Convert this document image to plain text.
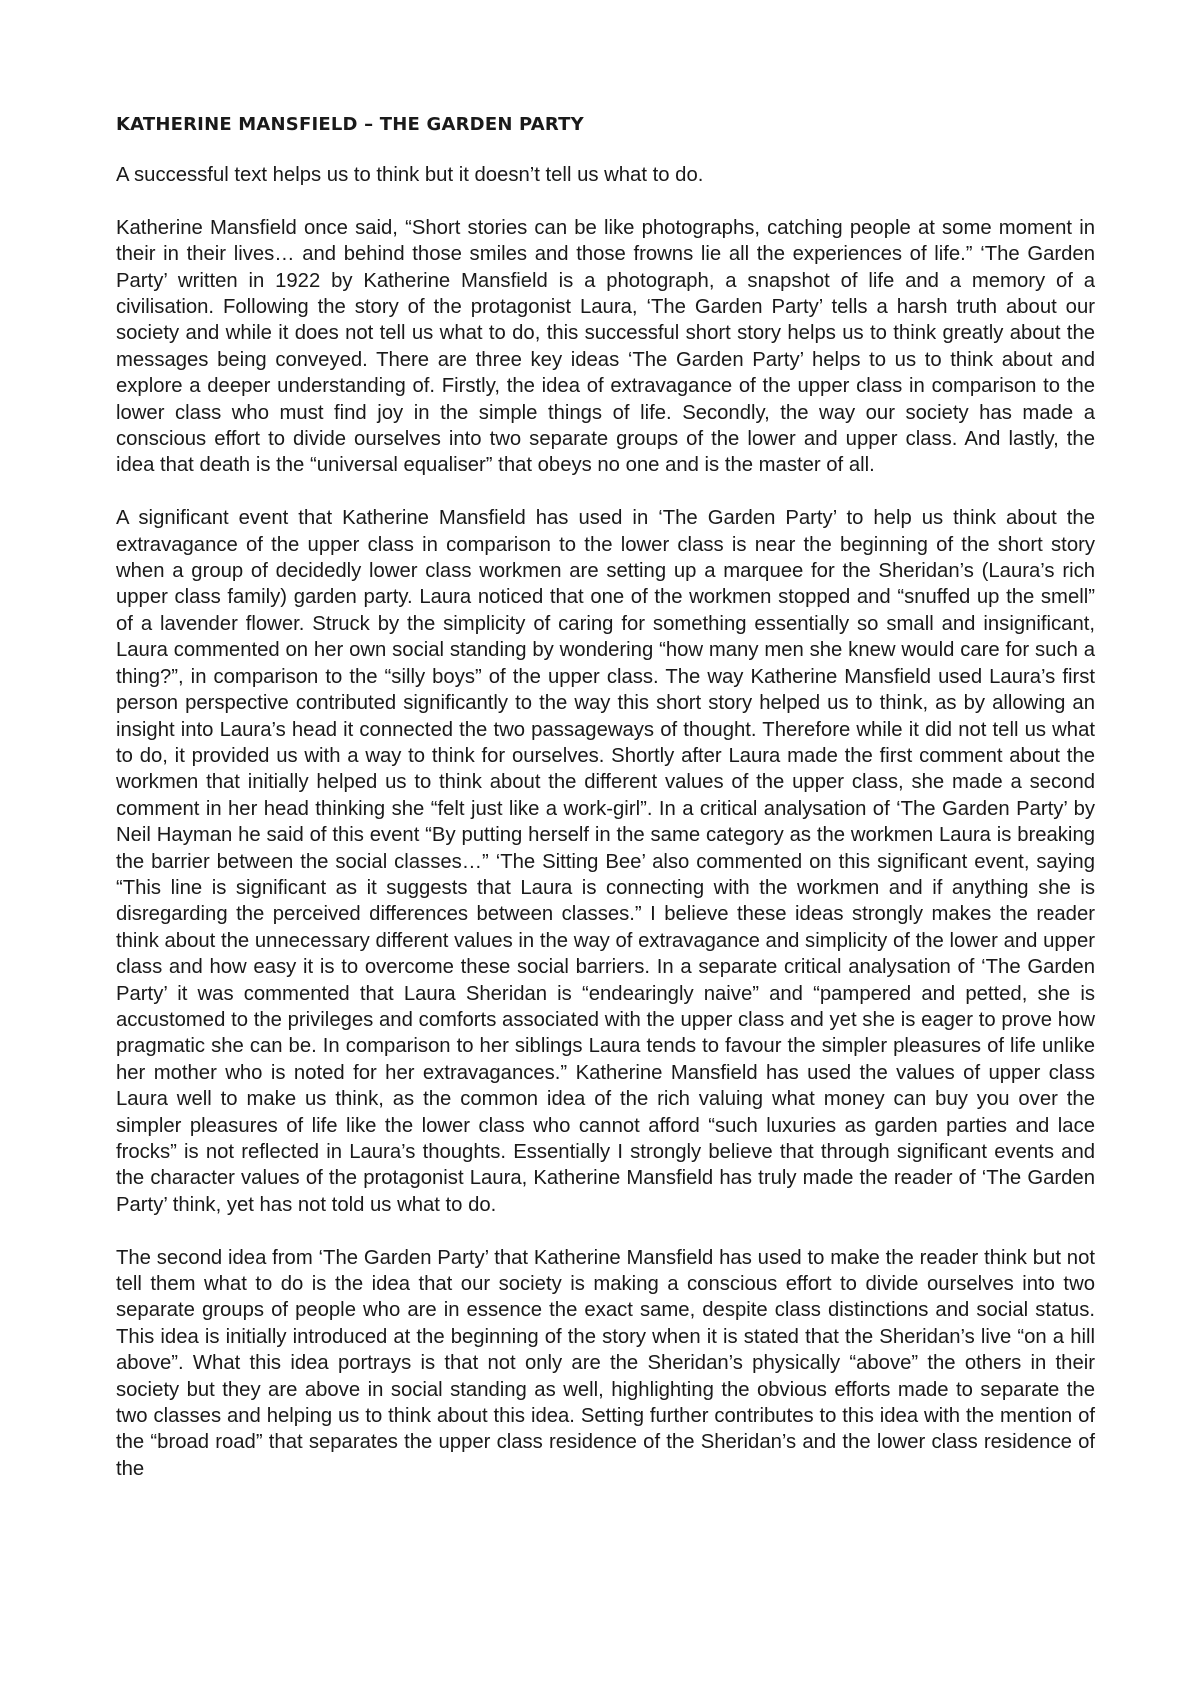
KATHERINE MANSFIELD – THE GARDEN PARTY

A successful text helps us to think but it doesn’t tell us what to do.

Katherine Mansfield once said, “Short stories can be like photographs, catching people at some moment in their in their lives… and behind those smiles and those frowns lie all the experiences of life.” ‘The Garden Party’ written in 1922 by Katherine Mansfield is a photograph, a snapshot of life and a memory of a civilisation. Following the story of the protagonist Laura, ‘The Garden Party’ tells a harsh truth about our society and while it does not tell us what to do, this successful short story helps us to think greatly about the messages being conveyed. There are three key ideas ‘The Garden Party’ helps to us to think about and explore a deeper understanding of. Firstly, the idea of extravagance of the upper class in comparison to the lower class who must find joy in the simple things of life. Secondly, the way our society has made a conscious effort to divide ourselves into two separate groups of the lower and upper class. And lastly, the idea that death is the “universal equaliser” that obeys no one and is the master of all.

A significant event that Katherine Mansfield has used in ‘The Garden Party’ to help us think about the extravagance of the upper class in comparison to the lower class is near the beginning of the short story when a group of decidedly lower class workmen are setting up a marquee for the Sheridan’s (Laura’s rich upper class family) garden party. Laura noticed that one of the workmen stopped and “snuffed up the smell” of a lavender flower. Struck by the simplicity of caring for something essentially so small and insignificant, Laura commented on her own social standing by wondering “how many men she knew would care for such a thing?”, in comparison to the “silly boys” of the upper class. The way Katherine Mansfield used Laura’s first person perspective contributed significantly to the way this short story helped us to think, as by allowing an insight into Laura’s head it connected the two passageways of thought. Therefore while it did not tell us what to do, it provided us with a way to think for ourselves. Shortly after Laura made the first comment about the workmen that initially helped us to think about the different values of the upper class, she made a second comment in her head thinking she “felt just like a work-girl”. In a critical analysation of ‘The Garden Party’ by Neil Hayman he said of this event “By putting herself in the same category as the workmen Laura is breaking the barrier between the social classes…” ‘The Sitting Bee’ also commented on this significant event, saying “This line is significant as it suggests that Laura is connecting with the workmen and if anything she is disregarding the perceived differences between classes.” I believe these ideas strongly makes the reader think about the unnecessary different values in the way of extravagance and simplicity of the lower and upper class and how easy it is to overcome these social barriers. In a separate critical analysation of ‘The Garden Party’ it was commented that Laura Sheridan is “endearingly naive” and “pampered and petted, she is accustomed to the privileges and comforts associated with the upper class and yet she is eager to prove how pragmatic she can be. In comparison to her siblings Laura tends to favour the simpler pleasures of life unlike her mother who is noted for her extravagances.” Katherine Mansfield has used the values of upper class Laura well to make us think, as the common idea of the rich valuing what money can buy you over the simpler pleasures of life like the lower class who cannot afford “such luxuries as garden parties and lace frocks” is not reflected in Laura’s thoughts. Essentially I strongly believe that through significant events and the character values of the protagonist Laura, Katherine Mansfield has truly made the reader of ‘The Garden Party’ think, yet has not told us what to do.

The second idea from ‘The Garden Party’ that Katherine Mansfield has used to make the reader think but not tell them what to do is the idea that our society is making a conscious effort to divide ourselves into two separate groups of people who are in essence the exact same, despite class distinctions and social status. This idea is initially introduced at the beginning of the story when it is stated that the Sheridan’s live “on a hill above”. What this idea portrays is that not only are the Sheridan’s physically “above” the others in their society but they are above in social standing as well, highlighting the obvious efforts made to separate the two classes and helping us to think about this idea. Setting further contributes to this idea with the mention of the “broad road” that separates the upper class residence of the Sheridan’s and the lower class residence of the
